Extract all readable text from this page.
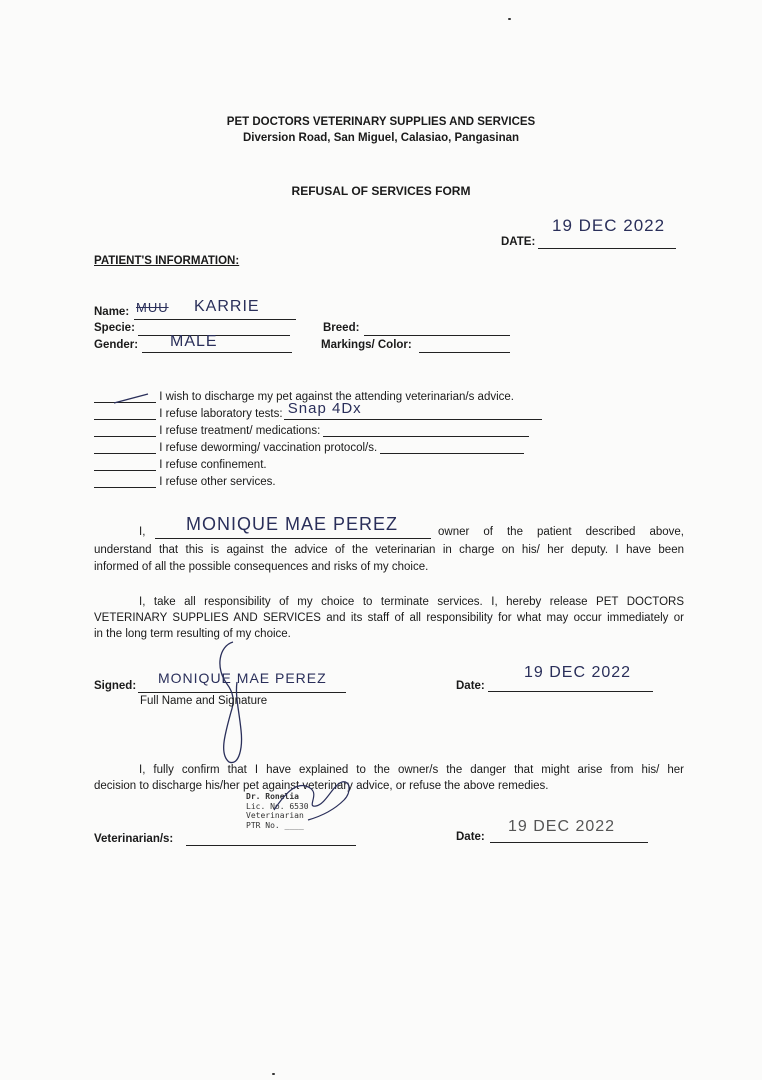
PET DOCTORS VETERINARY SUPPLIES AND SERVICES
Diversion Road, San Miguel, Calasiao, Pangasinan
REFUSAL OF SERVICES FORM
DATE:
19 DEC 2022
PATIENT'S INFORMATION:
Name: MUU KARRIE
Specie:
Gender: MALE
Breed:
Markings/ Color:
I wish to discharge my pet against the attending veterinarian/s advice.
I refuse laboratory tests: Snap 4Dx
I refuse treatment/ medications:
I refuse deworming/ vaccination protocol/s.
I refuse confinement.
I refuse other services.
I, MONIQUE MAE PEREZ	owner of the patient described above,
understand that this is against the advice of the veterinarian in charge on his/ her deputy. I have been
informed of all the possible consequences and risks of my choice.
I, take all responsibility of my choice to terminate services. I, hereby release PET DOCTORS
VETERINARY SUPPLIES AND SERVICES and its staff of all responsibility for what may occur immediately or
in the long term resulting of my choice.
Signed: MONIQUE MAE PEREZ
Full Name and Signature
Date:
19 DEC 2022
I, fully confirm that I have explained to the owner/s the danger that might arise from his/ her
decision to discharge his/her pet against veterinary advice, or refuse the above remedies.
Dr. Ronelia
Lic. No. 6530
Veterinarian
PTR No. ____
Veterinarian/s:	Date:
19 DEC 2022
